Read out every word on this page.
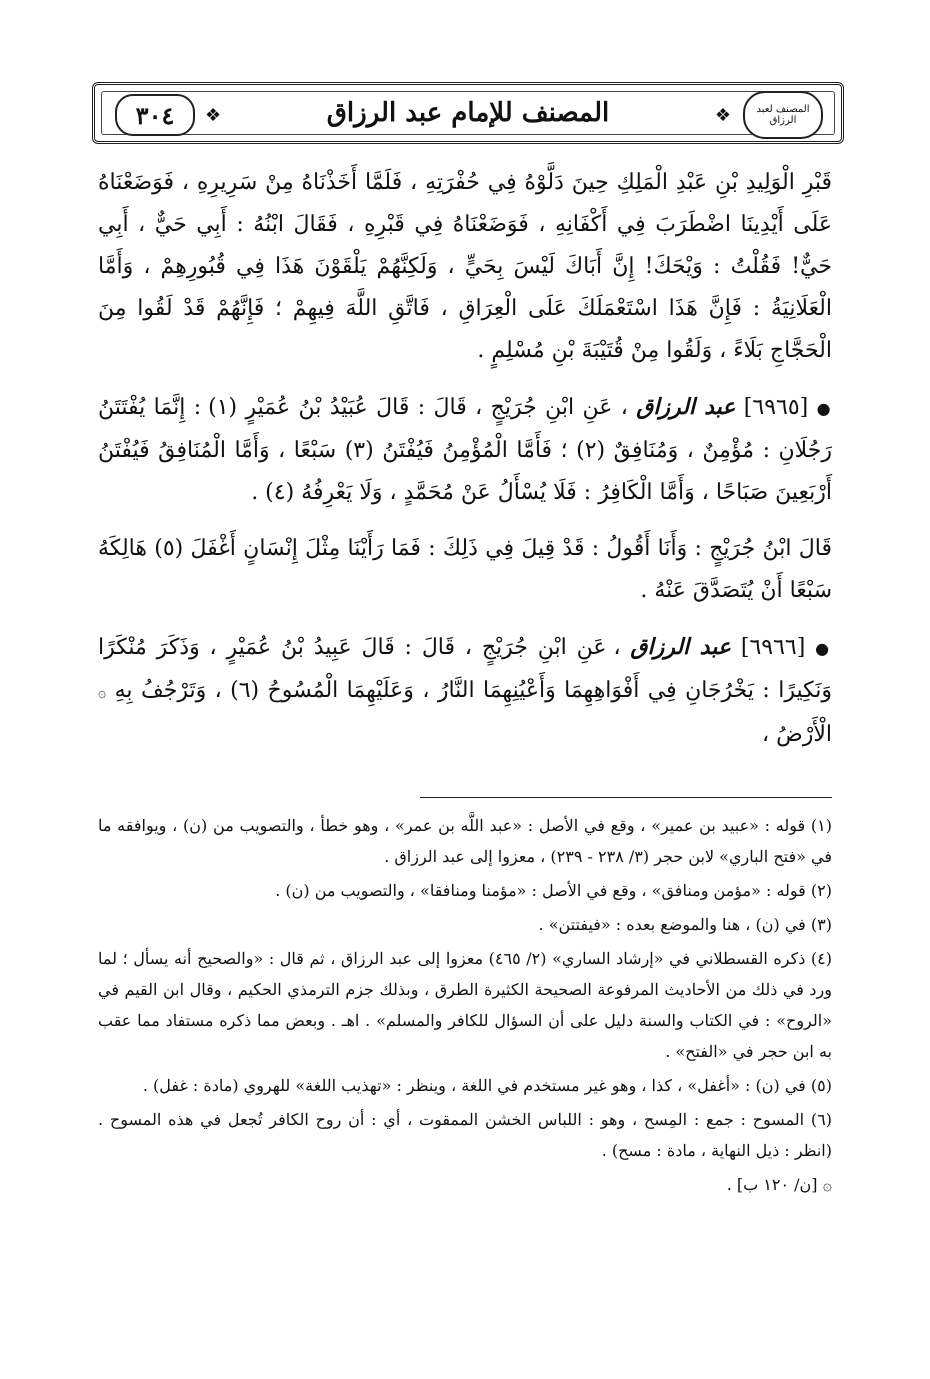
٣٠٤	❖	المصنف للإمام عبد الرزاق	❖	المصنف لعبد الرزاق

قَبْرِ الْوَلِيدِ بْنِ عَبْدِ الْمَلِكِ حِينَ دَلَّوْهُ فِي حُفْرَتِهِ ، فَلَمَّا أَخَذْنَاهُ مِنْ سَرِيرِهِ ، فَوَضَعْنَاهُ عَلَى أَيْدِينَا اضْطَرَبَ فِي أَكْفَانِهِ ، فَوَضَعْنَاهُ فِي قَبْرِهِ ، فَقَالَ ابْنُهُ : أَبِي حَيٌّ ، أَبِي حَيٌّ! فَقُلْتُ : وَيْحَكَ! إِنَّ أَبَاكَ لَيْسَ بِحَيٍّ ، وَلَكِنَّهُمْ يَلْقَوْنَ هَذَا فِي قُبُورِهِمْ ، وَأَمَّا الْعَلَانِيَةُ : فَإِنَّ هَذَا اسْتَعْمَلَكَ عَلَى الْعِرَاقِ ، فَاتَّقِ اللَّهَ فِيهِمْ ؛ فَإِنَّهُمْ قَدْ لَقُوا مِنَ الْحَجَّاجِ بَلَاءً ، وَلَقُوا مِنْ قُتَيْبَةَ بْنِ مُسْلِمٍ .

● [٦٩٦٥] عبد الرزاق ، عَنِ ابْنِ جُرَيْجٍ ، قَالَ : قَالَ عُبَيْدُ بْنُ عُمَيْرٍ (١) : إِنَّمَا يُفْتَتَنُ رَجُلَانِ : مُؤْمِنٌ ، وَمُنَافِقٌ (٢) ؛ فَأَمَّا الْمُؤْمِنُ فَيُفْتَنُ (٣) سَبْعًا ، وَأَمَّا الْمُنَافِقُ فَيُفْتَنُ أَرْبَعِينَ صَبَاحًا ، وَأَمَّا الْكَافِرُ : فَلَا يُسْأَلُ عَنْ مُحَمَّدٍ ، وَلَا يَعْرِفُهُ (٤) .

قَالَ ابْنُ جُرَيْجٍ : وَأَنَا أَقُولُ : قَدْ قِيلَ فِي ذَلِكَ : فَمَا رَأَيْنَا مِثْلَ إِنْسَانٍ أَغْفَلَ (٥) هَالِكَهُ سَبْعًا أَنْ يُتَصَدَّقَ عَنْهُ .

● [٦٩٦٦] عبد الرزاق ، عَنِ ابْنِ جُرَيْجٍ ، قَالَ : قَالَ عَبِيدُ بْنُ عُمَيْرٍ ، وَذَكَرَ مُنْكَرًا وَنَكِيرًا : يَخْرُجَانِ فِي أَفْوَاهِهِمَا وَأَعْيُنِهِمَا النَّارُ ، وَعَلَيْهِمَا الْمُسُوحُ (٦) ، وَتَرْجُفُ بِهِ ۞ الْأَرْضُ ،

(١) قوله : «عبيد بن عمير» ، وقع في الأصل : «عبد اللَّه بن عمر» ، وهو خطأ ، والتصويب من (ن) ، ويوافقه ما في «فتح الباري» لابن حجر (٣/ ٢٣٨ - ٢٣٩) ، معزوا إلى عبد الرزاق .
(٢) قوله : «مؤمن ومنافق» ، وقع في الأصل : «مؤمنا ومنافقا» ، والتصويب من (ن) .
(٣) في (ن) ، هنا والموضع بعده : «فيفتتن» .
(٤) ذكره القسطلاني في «إرشاد الساري» (٢/ ٤٦٥) معزوا إلى عبد الرزاق ، ثم قال : «والصحيح أنه يسأل ؛ لما ورد في ذلك من الأحاديث المرفوعة الصحيحة الكثيرة الطرق ، وبذلك جزم الترمذي الحكيم ، وقال ابن القيم في «الروح» : في الكتاب والسنة دليل على أن السؤال للكافر والمسلم» . اهـ . وبعض مما ذكره مستفاد مما عقب به ابن حجر في «الفتح» .
(٥) في (ن) : «أغفل» ، كذا ، وهو غير مستخدم في اللغة ، وينظر : «تهذيب اللغة» للهروي (مادة : غفل) .
(٦) المسوح : جمع : المِسح ، وهو : اللباس الخشن الممقوت ، أي : أن روح الكافر تُجعل في هذه المسوح . (انظر : ذيل النهاية ، مادة : مسح) .
۞ [ن/ ١٢٠ ب] .
